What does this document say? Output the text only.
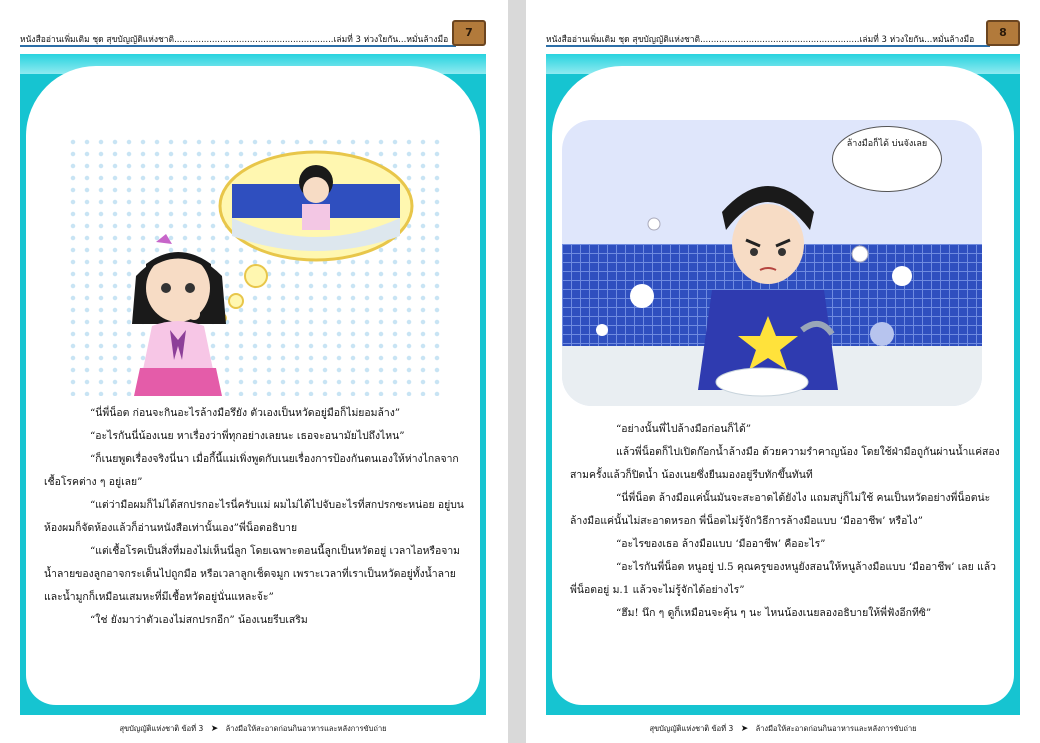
หนังสืออ่านเพิ่มเติม ชุด สุขบัญญัติแห่งชาติ...........................................................เล่มที่ 3 ห่วงใยกัน...หมั่นล้างมือ
7

“นี่พี่น็อต ก่อนจะกินอะไรล้างมือรึยัง ตัวเองเป็นหวัดอยู่มือก็ไม่ยอมล้าง”

“อะไรกันนี่น้องเนย หาเรื่องว่าพี่ทุกอย่างเลยนะ เธอจะอนามัยไปถึงไหน”

“ก็เนยพูดเรื่องจริงนี่นา เมื่อกี้นี้แม่เพิ่งพูดกับเนยเรื่องการป้องกันตนเองให้ห่างไกลจากเชื้อโรคต่าง ๆ อยู่เลย”

“แต่ว่ามือผมก็ไม่ได้สกปรกอะไรนี่ครับแม่ ผมไม่ได้ไปจับอะไรที่สกปรกซะหน่อย อยู่บนห้องผมก็จัดห้องแล้วก็อ่านหนังสือเท่านั้นเอง”พี่น็อตอธิบาย

“แต่เชื้อโรคเป็นสิ่งที่มองไม่เห็นนี่ลูก โดยเฉพาะตอนนี้ลูกเป็นหวัดอยู่ เวลาไอหรือจามน้ำลายของลูกอาจกระเด็นไปถูกมือ หรือเวลาลูกเช็ดจมูก เพราะเวลาที่เราเป็นหวัดอยู่ทั้งน้ำลายและน้ำมูกก็เหมือนเสมหะที่มีเชื้อหวัดอยู่นั่นแหละจ้ะ”

“ใช่ ยังมาว่าตัวเองไม่สกปรกอีก” น้องเนยรีบเสริม

สุขบัญญัติแห่งชาติ ข้อที่ 3 ➤ ล้างมือให้สะอาดก่อนกินอาหารและหลังการขับถ่าย
หนังสืออ่านเพิ่มเติม ชุด สุขบัญญัติแห่งชาติ...........................................................เล่มที่ 3 ห่วงใยกัน...หมั่นล้างมือ
8
ล้างมือก็ได้ บ่นจังเลย

“อย่างนั้นพี่ไปล้างมือก่อนก็ได้”

แล้วพี่น็อตก็ไปเปิดก๊อกน้ำล้างมือ ด้วยความรำคาญน้อง โดยใช้ฝ่ามือถูกันผ่านน้ำแค่สองสามครั้งแล้วก็ปิดน้ำ น้องเนยซึ่งยืนมองอยู่รีบทักขึ้นทันที

“นี่พี่น็อต ล้างมือแค่นั้นมันจะสะอาดได้ยังไง แถมสบู่ก็ไม่ใช้ คนเป็นหวัดอย่างพี่น็อตน่ะล้างมือแค่นั้นไม่สะอาดหรอก พี่น็อตไม่รู้จักวิธีการล้างมือแบบ ‘มืออาชีพ’ หรือไง”

“อะไรของเธอ ล้างมือแบบ ‘มืออาชีพ’ คืออะไร”

“อะไรกันพี่น็อต หนูอยู่ ป.5 คุณครูของหนูยังสอนให้หนูล้างมือแบบ ‘มืออาชีพ’ เลย แล้วพี่น็อตอยู่ ม.1 แล้วจะไม่รู้จักได้อย่างไร”

“ฮึม! นึก ๆ ดูก็เหมือนจะคุ้น ๆ นะ ไหนน้องเนยลองอธิบายให้พี่ฟังอีกทีซิ”

สุขบัญญัติแห่งชาติ ข้อที่ 3 ➤ ล้างมือให้สะอาดก่อนกินอาหารและหลังการขับถ่าย
